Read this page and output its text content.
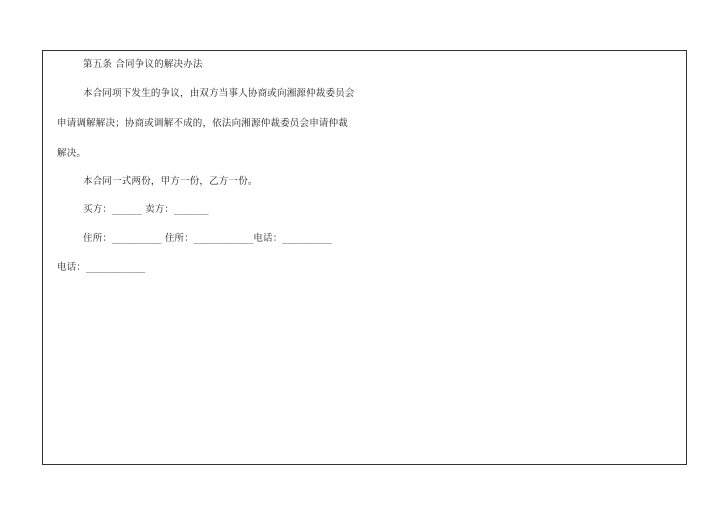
第五条 合同争议的解决办法
本合同项下发生的争议，由双方当事人协商或向湘源仲裁委员会
申请调解解决；协商或调解不成的，依法向湘源仲裁委员会申请仲裁
解决。
本合同一式两份，甲方一份，乙方一份。
买方：______ 卖方：_______
住所：__________ 住所：____________电话：__________
电话：____________
